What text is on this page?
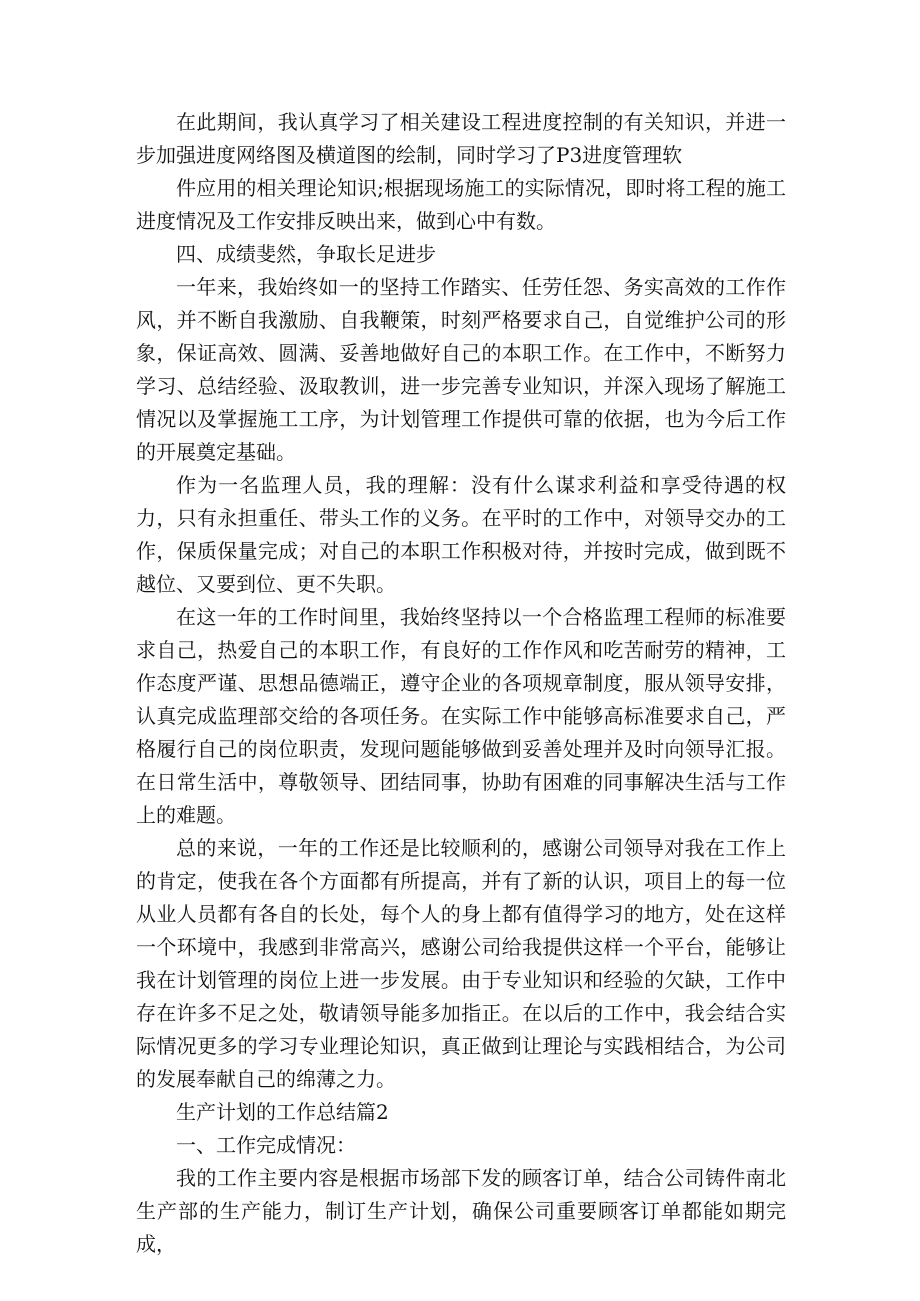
在此期间，我认真学习了相关建设工程进度控制的有关知识，并进一步加强进度网络图及横道图的绘制，同时学习了P3进度管理软

件应用的相关理论知识;根据现场施工的实际情况，即时将工程的施工进度情况及工作安排反映出来，做到心中有数。

四、成绩斐然，争取长足进步

一年来，我始终如一的坚持工作踏实、任劳任怨、务实高效的工作作风，并不断自我激励、自我鞭策，时刻严格要求自己，自觉维护公司的形象，保证高效、圆满、妥善地做好自己的本职工作。在工作中，不断努力学习、总结经验、汲取教训，进一步完善专业知识，并深入现场了解施工情况以及掌握施工工序，为计划管理工作提供可靠的依据，也为今后工作的开展奠定基础。

作为一名监理人员，我的理解：没有什么谋求利益和享受待遇的权力，只有永担重任、带头工作的义务。在平时的工作中，对领导交办的工作，保质保量完成；对自己的本职工作积极对待，并按时完成，做到既不越位、又要到位、更不失职。

在这一年的工作时间里，我始终坚持以一个合格监理工程师的标准要求自己，热爱自己的本职工作，有良好的工作作风和吃苦耐劳的精神，工作态度严谨、思想品德端正，遵守企业的各项规章制度，服从领导安排，认真完成监理部交给的各项任务。在实际工作中能够高标准要求自己，严格履行自己的岗位职责，发现问题能够做到妥善处理并及时向领导汇报。在日常生活中，尊敬领导、团结同事，协助有困难的同事解决生活与工作上的难题。

总的来说，一年的工作还是比较顺利的，感谢公司领导对我在工作上的肯定，使我在各个方面都有所提高，并有了新的认识，项目上的每一位从业人员都有各自的长处，每个人的身上都有值得学习的地方，处在这样一个环境中，我感到非常高兴，感谢公司给我提供这样一个平台，能够让我在计划管理的岗位上进一步发展。由于专业知识和经验的欠缺，工作中存在许多不足之处，敬请领导能多加指正。在以后的工作中，我会结合实际情况更多的学习专业理论知识，真正做到让理论与实践相结合，为公司的发展奉献自己的绵薄之力。

生产计划的工作总结篇2

一、工作完成情况：

我的工作主要内容是根据市场部下发的顾客订单，结合公司铸件南北生产部的生产能力，制订生产计划，确保公司重要顾客订单都能如期完成，
